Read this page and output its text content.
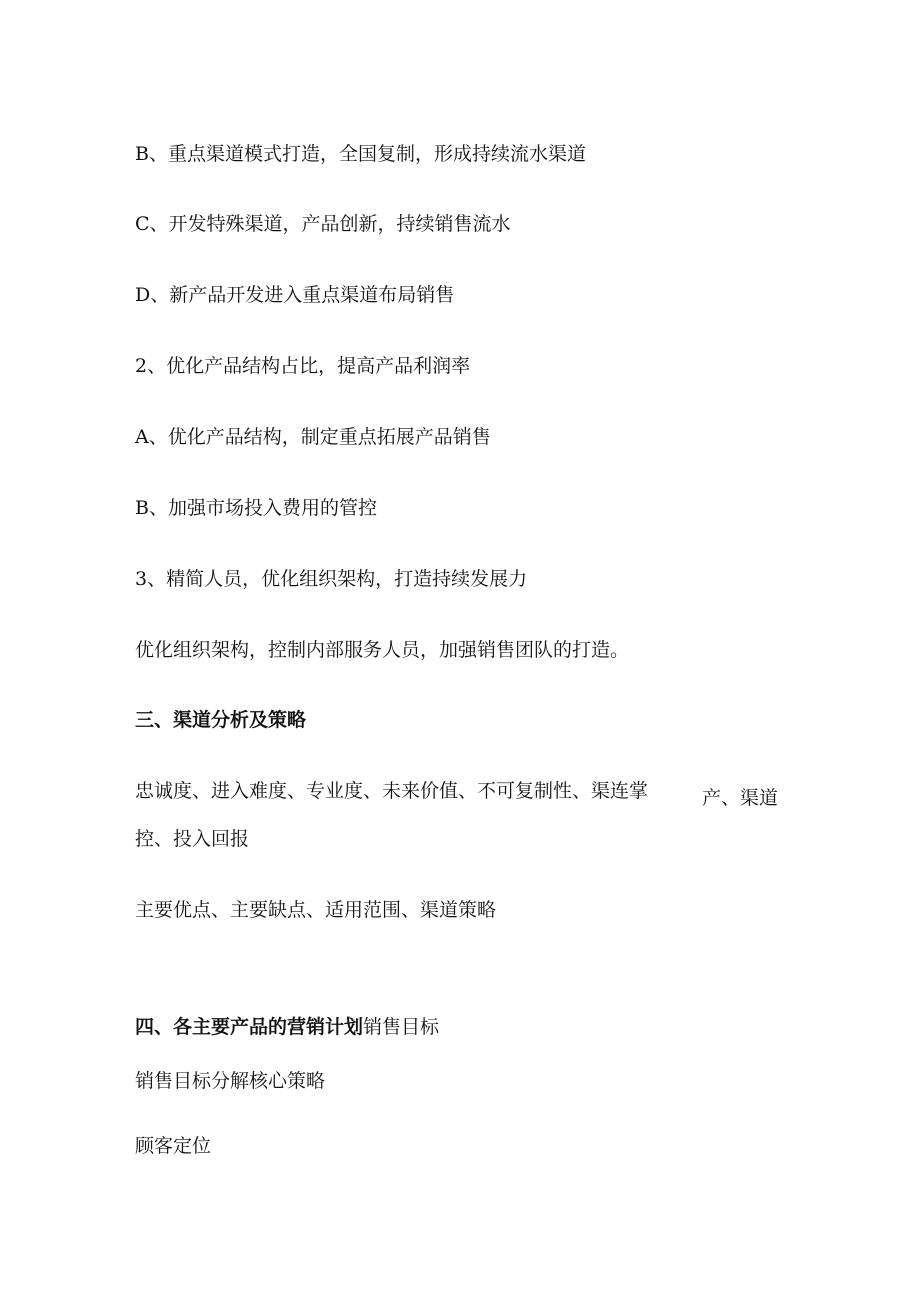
B、重点渠道模式打造，全国复制，形成持续流水渠道
C、开发特殊渠道，产品创新，持续销售流水
D、新产品开发进入重点渠道布局销售
2、优化产品结构占比，提高产品利润率
A、优化产品结构，制定重点拓展产品销售
B、加强市场投入费用的管控
3、精简人员，优化组织架构，打造持续发展力
优化组织架构，控制内部服务人员，加强销售团队的打造。
三、渠道分析及策略
忠诚度、进入难度、专业度、未来价值、不可复制性、渠连掌	产、渠道
控、投入回报
主要优点、主要缺点、适用范围、渠道策略
四、各主要产品的营销计划销售目标
销售目标分解核心策略
顾客定位
